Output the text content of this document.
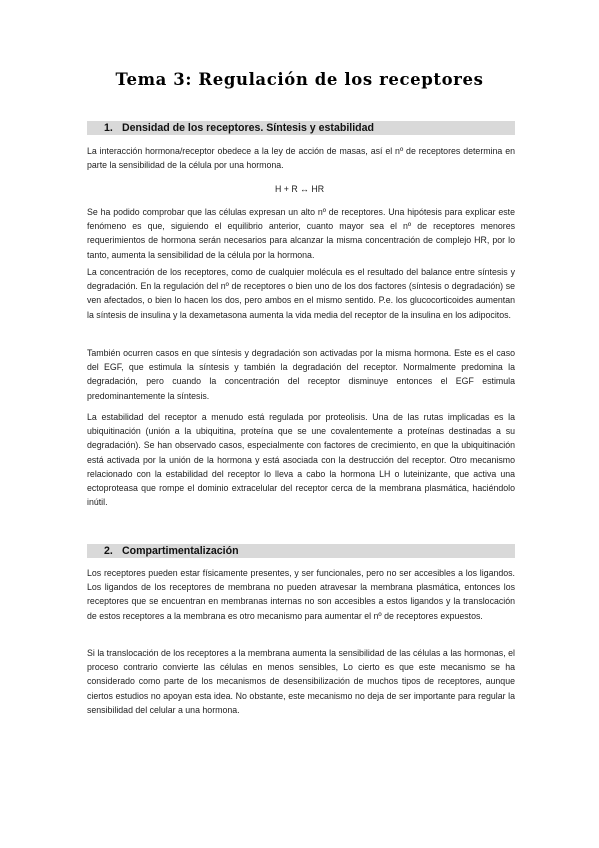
Tema 3: Regulación de los receptores
1. Densidad de los receptores. Síntesis y estabilidad
La interacción hormona/receptor obedece a la ley de acción de masas, así el nº de receptores determina en parte la sensibilidad de la célula por una hormona.
H + R ↔ HR
Se ha podido comprobar que las células expresan un alto nº de receptores. Una hipótesis para explicar este fenómeno es que, siguiendo el equilibrio anterior, cuanto mayor sea el nº de receptores menores requerimientos de hormona serán necesarios para alcanzar la misma concentración de complejo HR, por lo tanto, aumenta la sensibilidad de la célula por la hormona.
La concentración de los receptores, como de cualquier molécula es el resultado del balance entre síntesis y degradación. En la regulación del nº de receptores o bien uno de los dos factores (síntesis o degradación) se ven afectados, o bien lo hacen los dos, pero ambos en el mismo sentido. P.e. los glucocorticoides aumentan la síntesis de insulina y la dexametasona aumenta la vida media del receptor de la insulina en los adipocitos.
También ocurren casos en que síntesis y degradación son activadas por la misma hormona. Este es el caso del EGF, que estimula la síntesis y también la degradación del receptor. Normalmente predomina la degradación, pero cuando la concentración del receptor disminuye entonces el EGF estimula predominantemente la síntesis.
La estabilidad del receptor a menudo está regulada por proteolisis. Una de las rutas implicadas es la ubiquitinación (unión a la ubiquitina, proteína que se une covalentemente a proteínas destinadas a su degradación). Se han observado casos, especialmente con factores de crecimiento, en que la ubiquitinación está activada por la unión de la hormona y está asociada con la destrucción del receptor. Otro mecanismo relacionado con la estabilidad del receptor lo lleva a cabo la hormona LH o luteinizante, que activa una ectoproteasa que rompe el dominio extracelular del receptor cerca de la membrana plasmática, haciéndolo inútil.
2. Compartimentalización
Los receptores pueden estar físicamente presentes, y ser funcionales, pero no ser accesibles a los ligandos. Los ligandos de los receptores de membrana no pueden atravesar la membrana plasmática, entonces los receptores que se encuentran en membranas internas no son accesibles a estos ligandos y la translocación de estos receptores a la membrana es otro mecanismo para aumentar el nº de receptores expuestos.
Si la translocación de los receptores a la membrana aumenta la sensibilidad de las células a las hormonas, el proceso contrario convierte las células en menos sensibles, Lo cierto es que este mecanismo se ha considerado como parte de los mecanismos de desensibilización de muchos tipos de receptores, aunque ciertos estudios no apoyan esta idea. No obstante, este mecanismo no deja de ser importante para regular la sensibilidad del celular a una hormona.
